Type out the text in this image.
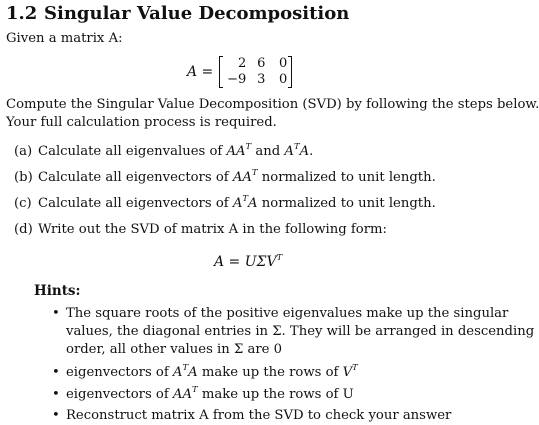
1.2 Singular Value Decomposition
Given a matrix A:
A =
2 6	0
−9 3	0
Compute the Singular Value Decomposition (SVD) by following the steps below.
Your full calculation process is required.
(a) Calculate all eigenvalues of $AA^T$ and $A^TA$.
(b) Calculate all eigenvectors of $AA^T$ normalized to unit length.
(c) Calculate all eigenvectors of $A^TA$ normalized to unit length.
(d) Write out the SVD of matrix A in the following form:
$A = U\Sigma V^T$
Hints:
• The square roots of the positive eigenvalues make up the singular
values, the diagonal entries in Σ. They will be arranged in descending
order, all other values in Σ are 0
• eigenvectors of $A^TA$ make up the rows of $V^T$
• eigenvectors of $AA^T$ make up the rows of U
• Reconstruct matrix A from the SVD to check your answer
